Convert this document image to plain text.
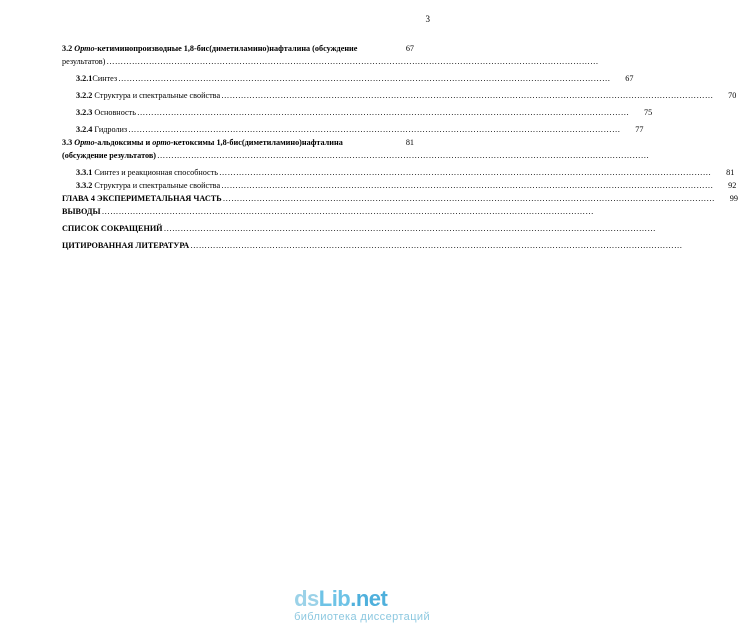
3
3.2 Орто-кетиминопроизводные 1,8-бис(диметиламино)нафталина (обсуждение	67
результатов) …………………………………………………………………………………………………………………………………………………………
3.2.1Синтез …………………………………………………………………………………………………………………………………………………………	67
3.2.2 Структура и спектральные свойства …………………………………………………………………………………………………………………………………………………………	70
3.2.3 Основность …………………………………………………………………………………………………………………………………………………………	75
3.2.4 Гидролиз …………………………………………………………………………………………………………………………………………………………	77
3.3 Орто-альдоксимы и орто-кетоксимы 1,8-бис(диметиламино)нафталина	81
(обсуждение результатов) …………………………………………………………………………………………………………………………………………………………
3.3.1 Синтез и реакционная способность …………………………………………………………………………………………………………………………………………………………	81
3.3.2 Структура и спектральные свойства …………………………………………………………………………………………………………………………………………………………	92
ГЛАВА 4 ЭКСПЕРИМЕТАЛЬНАЯ ЧАСТЬ …………………………………………………………………………………………………………………………………………………………	99
ВЫВОДЫ …………………………………………………………………………………………………………………………………………………………
СПИСОК СОКРАЩЕНИЙ …………………………………………………………………………………………………………………………………………………………
ЦИТИРОВАННАЯ ЛИТЕРАТУРА …………………………………………………………………………………………………………………………………………………………
dsLib.net
библиотека диссертаций
